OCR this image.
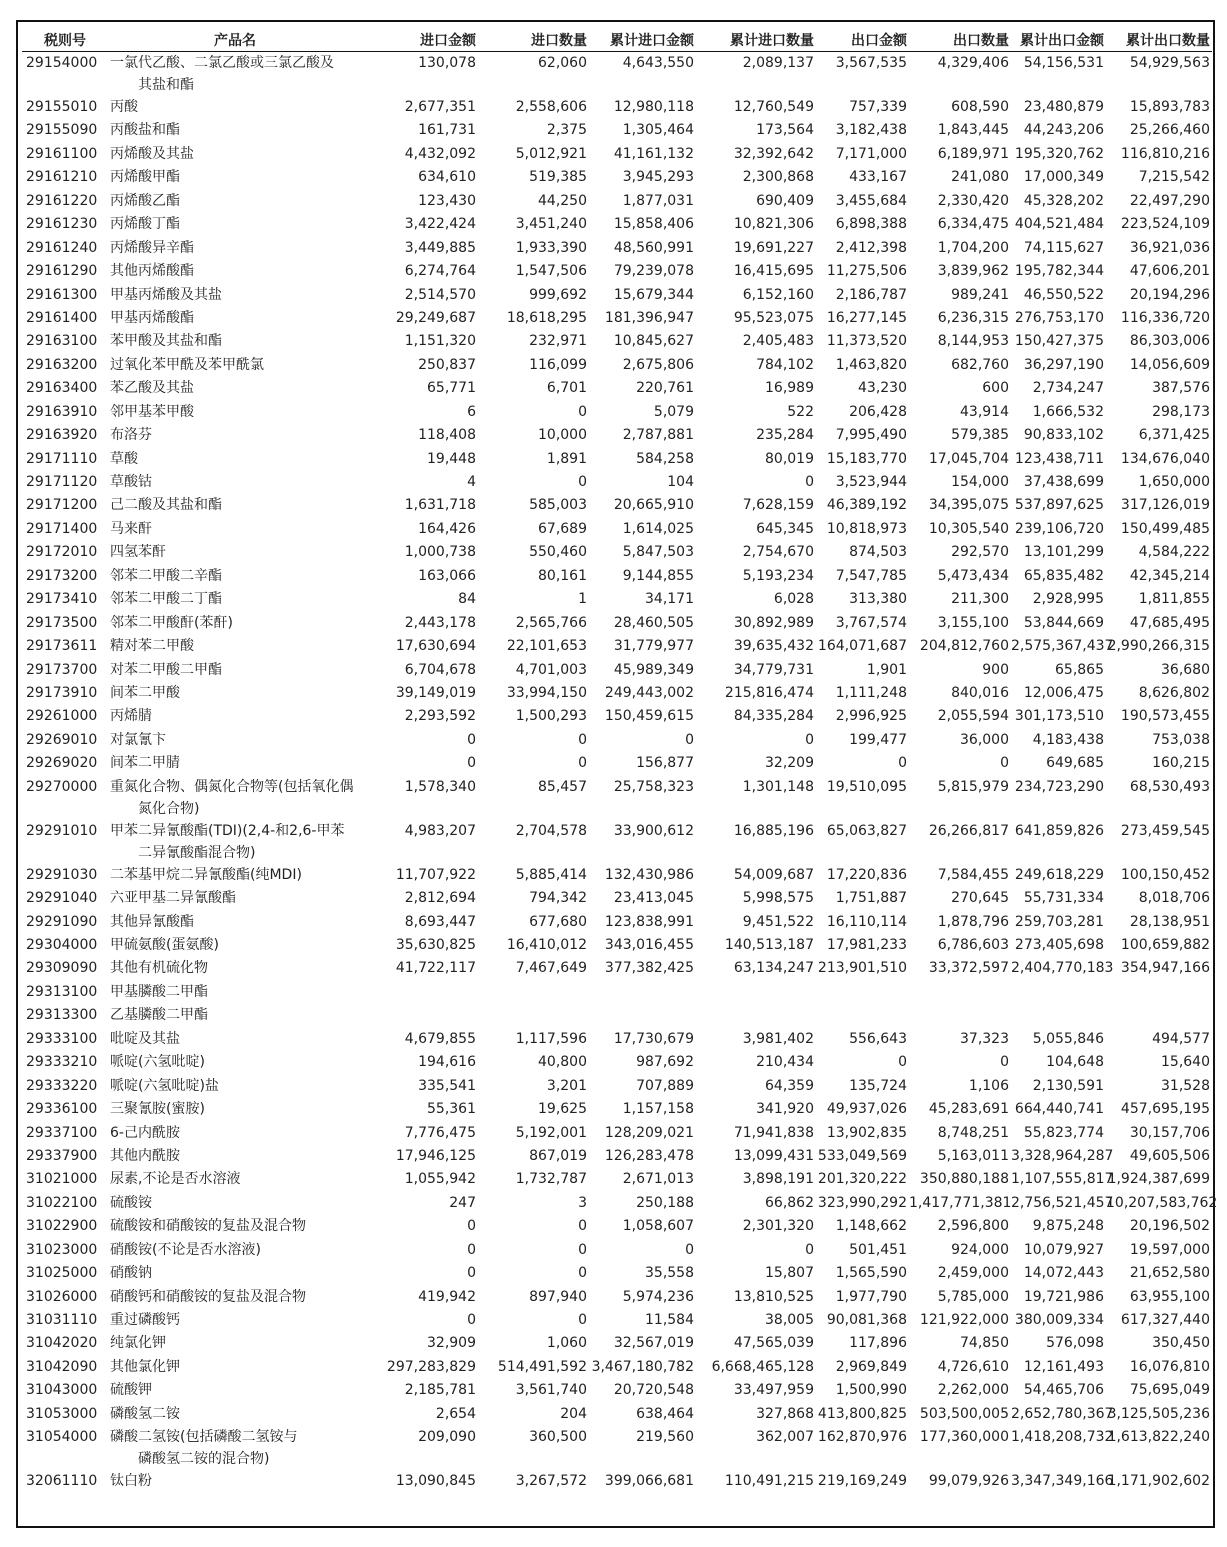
税则号	产品名	进口金额	进口数量	累计进口金额	累计进口数量	出口金额	出口数量	累计出口金额	累计出口数量
29154000	一氯代乙酸、二氯乙酸或三氯乙酸及
其盐和酯	130,078	62,060	4,643,550	2,089,137	3,567,535	4,329,406	54,156,531	54,929,563
29155010	丙酸	2,677,351	2,558,606	12,980,118	12,760,549	757,339	608,590	23,480,879	15,893,783
29155090	丙酸盐和酯	161,731	2,375	1,305,464	173,564	3,182,438	1,843,445	44,243,206	25,266,460
29161100	丙烯酸及其盐	4,432,092	5,012,921	41,161,132	32,392,642	7,171,000	6,189,971	195,320,762	116,810,216
29161210	丙烯酸甲酯	634,610	519,385	3,945,293	2,300,868	433,167	241,080	17,000,349	7,215,542
29161220	丙烯酸乙酯	123,430	44,250	1,877,031	690,409	3,455,684	2,330,420	45,328,202	22,497,290
29161230	丙烯酸丁酯	3,422,424	3,451,240	15,858,406	10,821,306	6,898,388	6,334,475	404,521,484	223,524,109
29161240	丙烯酸异辛酯	3,449,885	1,933,390	48,560,991	19,691,227	2,412,398	1,704,200	74,115,627	36,921,036
29161290	其他丙烯酸酯	6,274,764	1,547,506	79,239,078	16,415,695	11,275,506	3,839,962	195,782,344	47,606,201
29161300	甲基丙烯酸及其盐	2,514,570	999,692	15,679,344	6,152,160	2,186,787	989,241	46,550,522	20,194,296
29161400	甲基丙烯酸酯	29,249,687	18,618,295	181,396,947	95,523,075	16,277,145	6,236,315	276,753,170	116,336,720
29163100	苯甲酸及其盐和酯	1,151,320	232,971	10,845,627	2,405,483	11,373,520	8,144,953	150,427,375	86,303,006
29163200	过氧化苯甲酰及苯甲酰氯	250,837	116,099	2,675,806	784,102	1,463,820	682,760	36,297,190	14,056,609
29163400	苯乙酸及其盐	65,771	6,701	220,761	16,989	43,230	600	2,734,247	387,576
29163910	邻甲基苯甲酸	6	0	5,079	522	206,428	43,914	1,666,532	298,173
29163920	布洛芬	118,408	10,000	2,787,881	235,284	7,995,490	579,385	90,833,102	6,371,425
29171110	草酸	19,448	1,891	584,258	80,019	15,183,770	17,045,704	123,438,711	134,676,040
29171120	草酸钴	4	0	104	0	3,523,944	154,000	37,438,699	1,650,000
29171200	己二酸及其盐和酯	1,631,718	585,003	20,665,910	7,628,159	46,389,192	34,395,075	537,897,625	317,126,019
29171400	马来酐	164,426	67,689	1,614,025	645,345	10,818,973	10,305,540	239,106,720	150,499,485
29172010	四氢苯酐	1,000,738	550,460	5,847,503	2,754,670	874,503	292,570	13,101,299	4,584,222
29173200	邻苯二甲酸二辛酯	163,066	80,161	9,144,855	5,193,234	7,547,785	5,473,434	65,835,482	42,345,214
29173410	邻苯二甲酸二丁酯	84	1	34,171	6,028	313,380	211,300	2,928,995	1,811,855
29173500	邻苯二甲酸酐(苯酐)	2,443,178	2,565,766	28,460,505	30,892,989	3,767,574	3,155,100	53,844,669	47,685,495
29173611	精对苯二甲酸	17,630,694	22,101,653	31,779,977	39,635,432	164,071,687	204,812,760	2,575,367,437	2,990,266,315
29173700	对苯二甲酸二甲酯	6,704,678	4,701,003	45,989,349	34,779,731	1,901	900	65,865	36,680
29173910	间苯二甲酸	39,149,019	33,994,150	249,443,002	215,816,474	1,111,248	840,016	12,006,475	8,626,802
29261000	丙烯腈	2,293,592	1,500,293	150,459,615	84,335,284	2,996,925	2,055,594	301,173,510	190,573,455
29269010	对氯氰卞	0	0	0	0	199,477	36,000	4,183,438	753,038
29269020	间苯二甲腈	0	0	156,877	32,209	0	0	649,685	160,215
29270000	重氮化合物、偶氮化合物等(包括氧化偶
氮化合物)	1,578,340	85,457	25,758,323	1,301,148	19,510,095	5,815,979	234,723,290	68,530,493
29291010	甲苯二异氰酸酯(TDI)(2,4-和2,6-甲苯
二异氰酸酯混合物)	4,983,207	2,704,578	33,900,612	16,885,196	65,063,827	26,266,817	641,859,826	273,459,545
29291030	二苯基甲烷二异氰酸酯(纯MDI)	11,707,922	5,885,414	132,430,986	54,009,687	17,220,836	7,584,455	249,618,229	100,150,452
29291040	六亚甲基二异氰酸酯	2,812,694	794,342	23,413,045	5,998,575	1,751,887	270,645	55,731,334	8,018,706
29291090	其他异氰酸酯	8,693,447	677,680	123,838,991	9,451,522	16,110,114	1,878,796	259,703,281	28,138,951
29304000	甲硫氨酸(蛋氨酸)	35,630,825	16,410,012	343,016,455	140,513,187	17,981,233	6,786,603	273,405,698	100,659,882
29309090	其他有机硫化物	41,722,117	7,467,649	377,382,425	63,134,247	213,901,510	33,372,597	2,404,770,183	354,947,166
29313100	甲基膦酸二甲酯								
29313300	乙基膦酸二甲酯								
29333100	吡啶及其盐	4,679,855	1,117,596	17,730,679	3,981,402	556,643	37,323	5,055,846	494,577
29333210	哌啶(六氢吡啶)	194,616	40,800	987,692	210,434	0	0	104,648	15,640
29333220	哌啶(六氢吡啶)盐	335,541	3,201	707,889	64,359	135,724	1,106	2,130,591	31,528
29336100	三聚氰胺(蜜胺)	55,361	19,625	1,157,158	341,920	49,937,026	45,283,691	664,440,741	457,695,195
29337100	6-己内酰胺	7,776,475	5,192,001	128,209,021	71,941,838	13,902,835	8,748,251	55,823,774	30,157,706
29337900	其他内酰胺	17,946,125	867,019	126,283,478	13,099,431	533,049,569	5,163,011	3,328,964,287	49,605,506
31021000	尿素,不论是否水溶液	1,055,942	1,732,787	2,671,013	3,898,191	201,320,222	350,880,188	1,107,555,817	1,924,387,699
31022100	硫酸铵	247	3	250,188	66,862	323,990,292	1,417,771,381	2,756,521,457	10,207,583,762
31022900	硫酸铵和硝酸铵的复盐及混合物	0	0	1,058,607	2,301,320	1,148,662	2,596,800	9,875,248	20,196,502
31023000	硝酸铵(不论是否水溶液)	0	0	0	0	501,451	924,000	10,079,927	19,597,000
31025000	硝酸钠	0	0	35,558	15,807	1,565,590	2,459,000	14,072,443	21,652,580
31026000	硝酸钙和硝酸铵的复盐及混合物	419,942	897,940	5,974,236	13,810,525	1,977,790	5,785,000	19,721,986	63,955,100
31031110	重过磷酸钙	0	0	11,584	38,005	90,081,368	121,922,000	380,009,334	617,327,440
31042020	纯氯化钾	32,909	1,060	32,567,019	47,565,039	117,896	74,850	576,098	350,450
31042090	其他氯化钾	297,283,829	514,491,592	3,467,180,782	6,668,465,128	2,969,849	4,726,610	12,161,493	16,076,810
31043000	硫酸钾	2,185,781	3,561,740	20,720,548	33,497,959	1,500,990	2,262,000	54,465,706	75,695,049
31053000	磷酸氢二铵	2,654	204	638,464	327,868	413,800,825	503,500,005	2,652,780,367	3,125,505,236
31054000	磷酸二氢铵(包括磷酸二氢铵与
磷酸氢二铵的混合物)	209,090	360,500	219,560	362,007	162,870,976	177,360,000	1,418,208,732	1,613,822,240
32061110	钛白粉	13,090,845	3,267,572	399,066,681	110,491,215	219,169,249	99,079,926	3,347,349,166	1,171,902,602
